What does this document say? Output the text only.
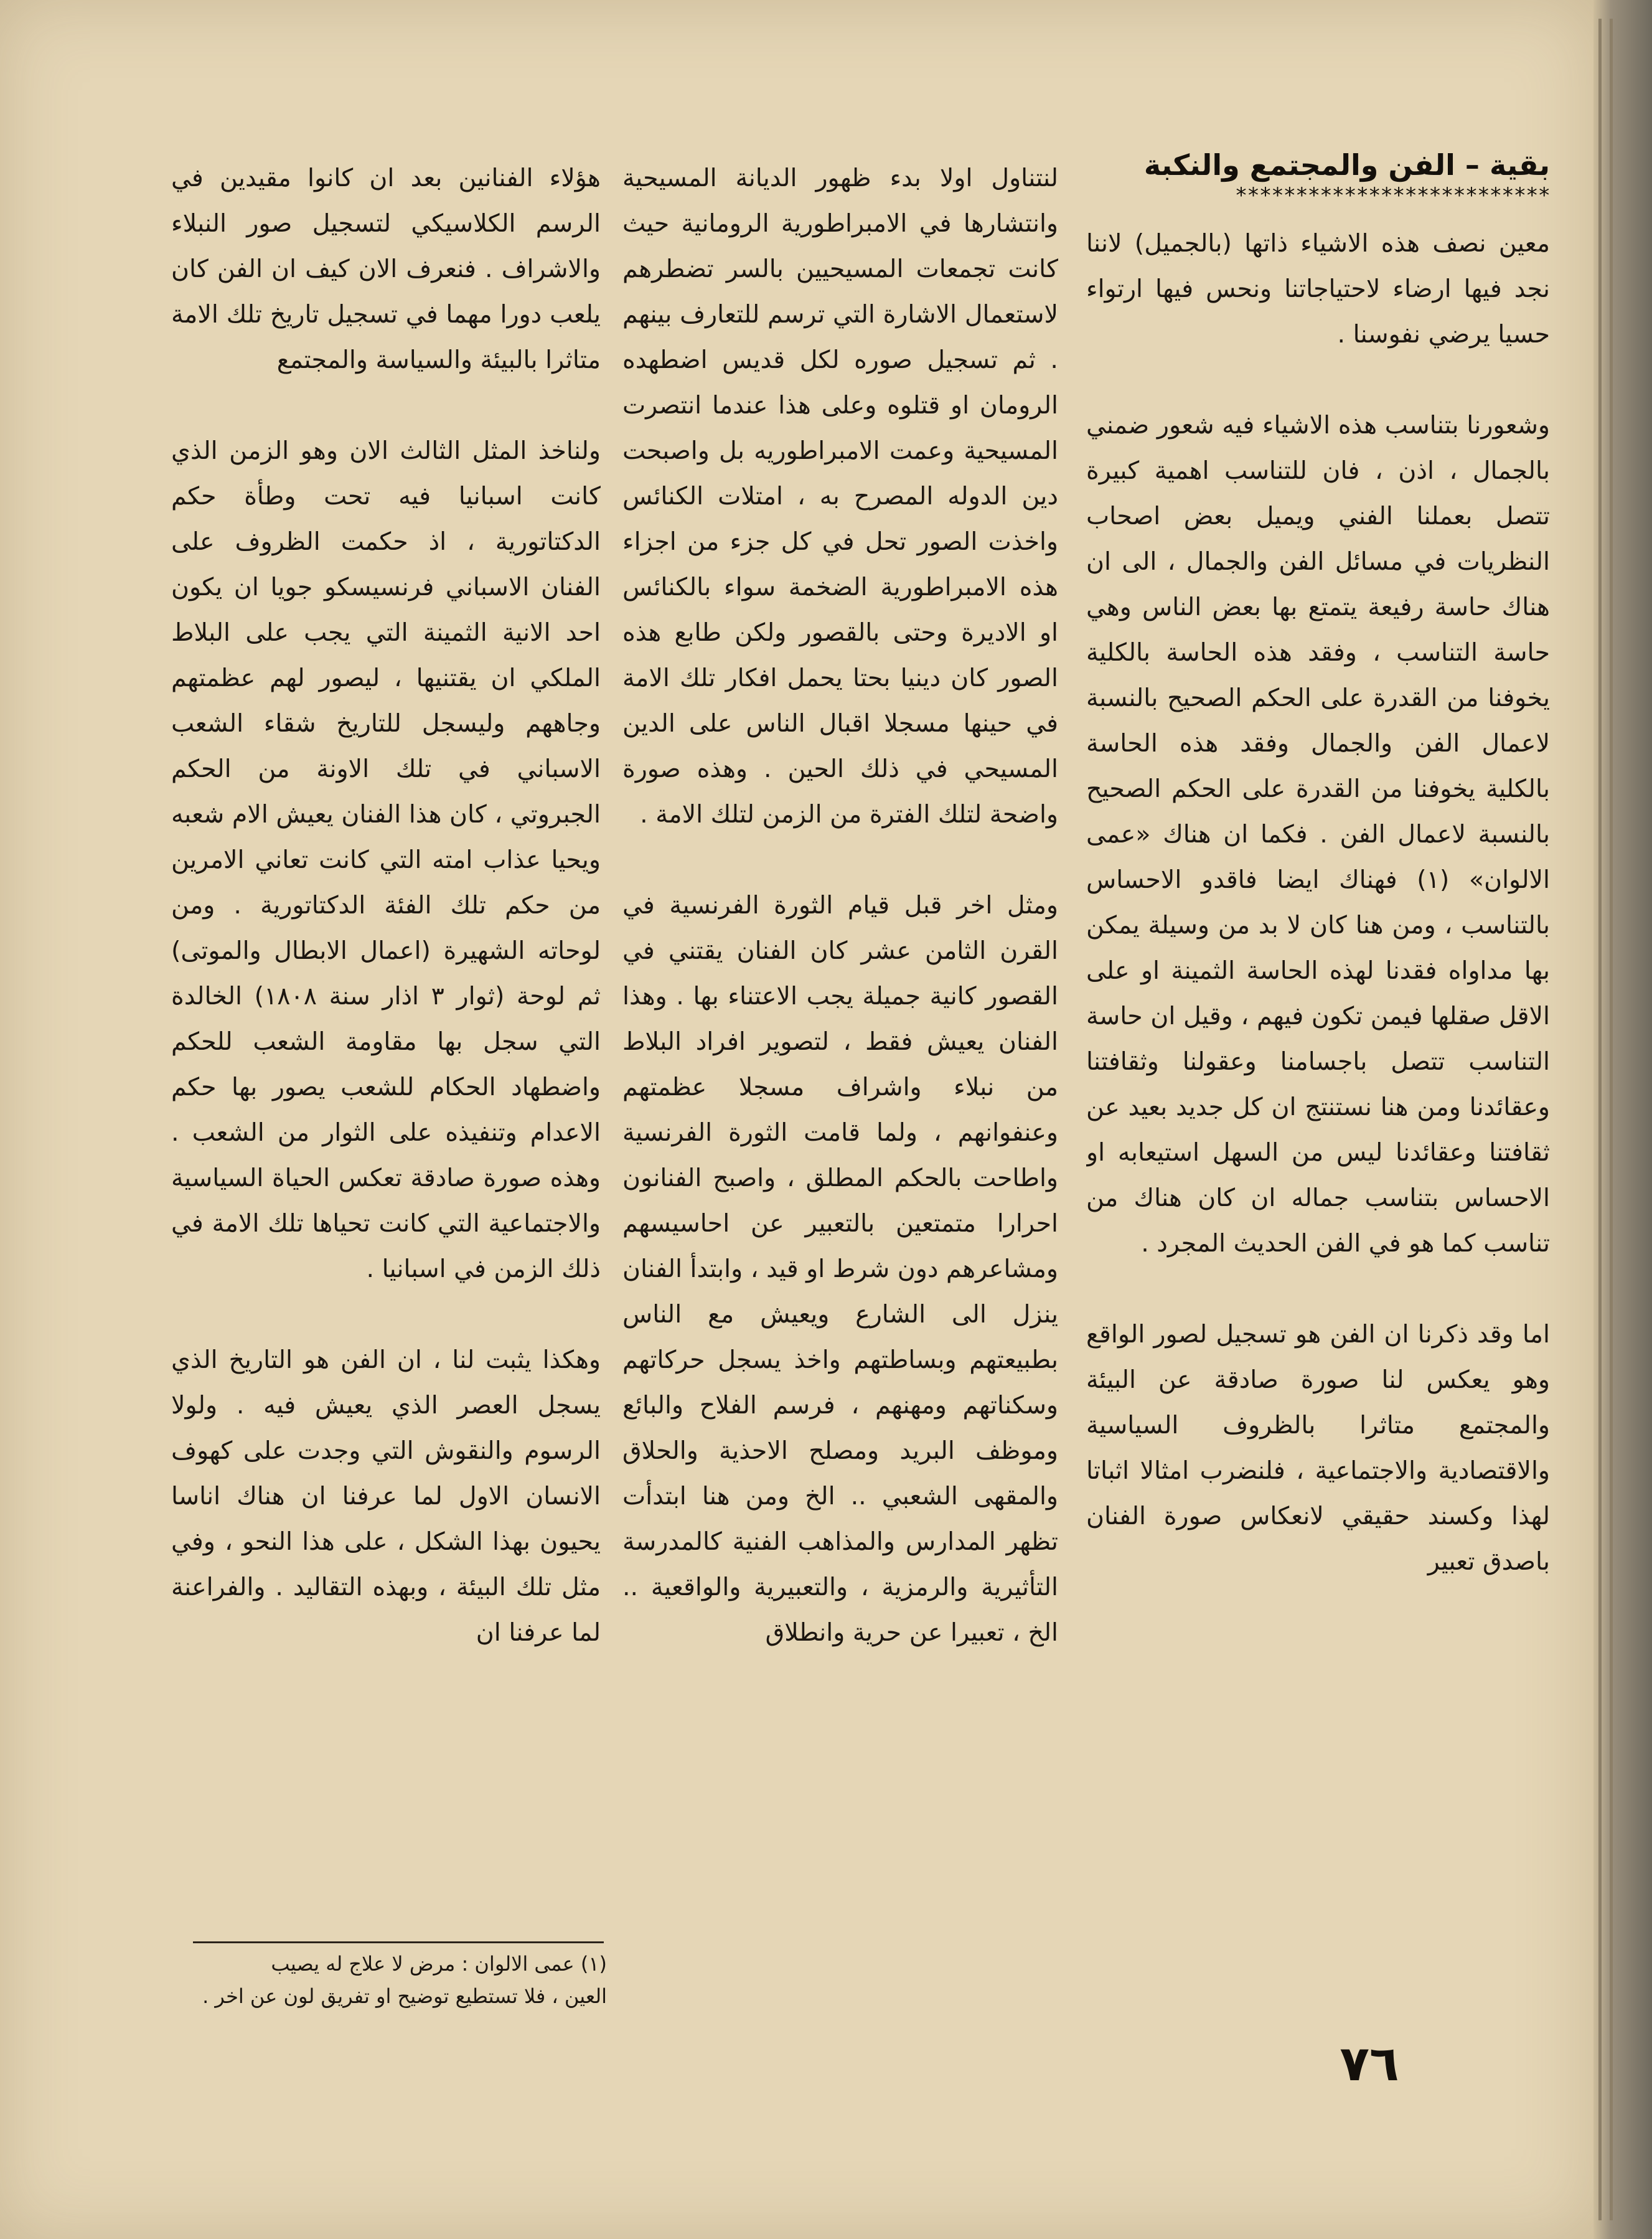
بقية – الفن والمجتمع والنكبة
**************************

معين نصف هذه الاشياء ذاتها (بالجميل) لاننا نجد فيها ارضاء لاحتياجاتنا ونحس فيها ارتواء حسيا يرضي نفوسنا .

وشعورنا بتناسب هذه الاشياء فيه شعور ضمني بالجمال ، اذن ، فان للتناسب اهمية كبيرة تتصل بعملنا الفني ويميل بعض اصحاب النظريات في مسائل الفن والجمال ، الى ان هناك حاسة رفيعة يتمتع بها بعض الناس وهي حاسة التناسب ، وفقد هذه الحاسة بالكلية يخوفنا من القدرة على الحكم الصحيح بالنسبة لاعمال الفن والجمال وفقد هذه الحاسة بالكلية يخوفنا من القدرة على الحكم الصحيح بالنسبة لاعمال الفن . فكما ان هناك «عمى الالوان» (١) فهناك ايضا فاقدو الاحساس بالتناسب ، ومن هنا كان لا بد من وسيلة يمكن بها مداواه فقدنا لهذه الحاسة الثمينة او على الاقل صقلها فيمن تكون فيهم ، وقيل ان حاسة التناسب تتصل باجسامنا وعقولنا وثقافتنا وعقائدنا ومن هنا نستنتج ان كل جديد بعيد عن ثقافتنا وعقائدنا ليس من السهل استيعابه او الاحساس بتناسب جماله ان كان هناك من تناسب كما هو في الفن الحديث المجرد .

اما وقد ذكرنا ان الفن هو تسجيل لصور الواقع وهو يعكس لنا صورة صادقة عن البيئة والمجتمع متاثرا بالظروف السياسية والاقتصادية والاجتماعية ، فلنضرب امثالا اثباتا لهذا وكسند حقيقي لانعكاس صورة الفنان باصدق تعبير

لنتناول اولا بدء ظهور الديانة المسيحية وانتشارها في الامبراطورية الرومانية حيث كانت تجمعات المسيحيين بالسر تضطرهم لاستعمال الاشارة التي ترسم للتعارف بينهم . ثم تسجيل صوره لكل قديس اضطهده الرومان او قتلوه وعلى هذا عندما انتصرت المسيحية وعمت الامبراطوريه بل واصبحت دين الدوله المصرح به ، امتلات الكنائس واخذت الصور تحل في كل جزء من اجزاء هذه الامبراطورية الضخمة سواء بالكنائس او الاديرة وحتى بالقصور ولكن طابع هذه الصور كان دينيا بحتا يحمل افكار تلك الامة في حينها مسجلا اقبال الناس على الدين المسيحي في ذلك الحين . وهذه صورة واضحة لتلك الفترة من الزمن لتلك الامة .

ومثل اخر قبل قيام الثورة الفرنسية في القرن الثامن عشر كان الفنان يقتني في القصور كانية جميلة يجب الاعتناء بها . وهذا الفنان يعيش فقط ، لتصوير افراد البلاط من نبلاء واشراف مسجلا عظمتهم وعنفوانهم ، ولما قامت الثورة الفرنسية واطاحت بالحكم المطلق ، واصبح الفنانون احرارا متمتعين بالتعبير عن احاسيسهم ومشاعرهم دون شرط او قيد ، وابتدأ الفنان ينزل الى الشارع ويعيش مع الناس بطبيعتهم وبساطتهم واخذ يسجل حركاتهم وسكناتهم ومهنهم ، فرسم الفلاح والبائع وموظف البريد ومصلح الاحذية والحلاق والمقهى الشعبي .. الخ ومن هنا ابتدأت تظهر المدارس والمذاهب الفنية كالمدرسة التأثيرية والرمزية ، والتعبيرية والواقعية .. الخ ، تعبيرا عن حرية وانطلاق

هؤلاء الفنانين بعد ان كانوا مقيدين في الرسم الكلاسيكي لتسجيل صور النبلاء والاشراف . فنعرف الان كيف ان الفن كان يلعب دورا مهما في تسجيل تاريخ تلك الامة متاثرا بالبيئة والسياسة والمجتمع

ولناخذ المثل الثالث الان وهو الزمن الذي كانت اسبانيا فيه تحت وطأة حكم الدكتاتورية ، اذ حكمت الظروف على الفنان الاسباني فرنسيسكو جويا ان يكون احد الانية الثمينة التي يجب على البلاط الملكي ان يقتنيها ، ليصور لهم عظمتهم وجاههم وليسجل للتاريخ شقاء الشعب الاسباني في تلك الاونة من الحكم الجبروتي ، كان هذا الفنان يعيش الام شعبه ويحيا عذاب امته التي كانت تعاني الامرين من حكم تلك الفئة الدكتاتورية . ومن لوحاته الشهيرة (اعمال الابطال والموتى) ثم لوحة (ثوار ٣ اذار سنة ١٨٠٨) الخالدة التي سجل بها مقاومة الشعب للحكم واضطهاد الحكام للشعب يصور بها حكم الاعدام وتنفيذه على الثوار من الشعب . وهذه صورة صادقة تعكس الحياة السياسية والاجتماعية التي كانت تحياها تلك الامة في ذلك الزمن في اسبانيا .

وهكذا يثبت لنا ، ان الفن هو التاريخ الذي يسجل العصر الذي يعيش فيه . ولولا الرسوم والنقوش التي وجدت على كهوف الانسان الاول لما عرفنا ان هناك اناسا يحيون بهذا الشكل ، على هذا النحو ، وفي مثل تلك البيئة ، وبهذه التقاليد . والفراعنة لما عرفنا ان

(١) عمى الالوان : مرض لا علاج له يصيب
العين ، فلا تستطيع توضيح او تفريق لون عن اخر .
٧٦
